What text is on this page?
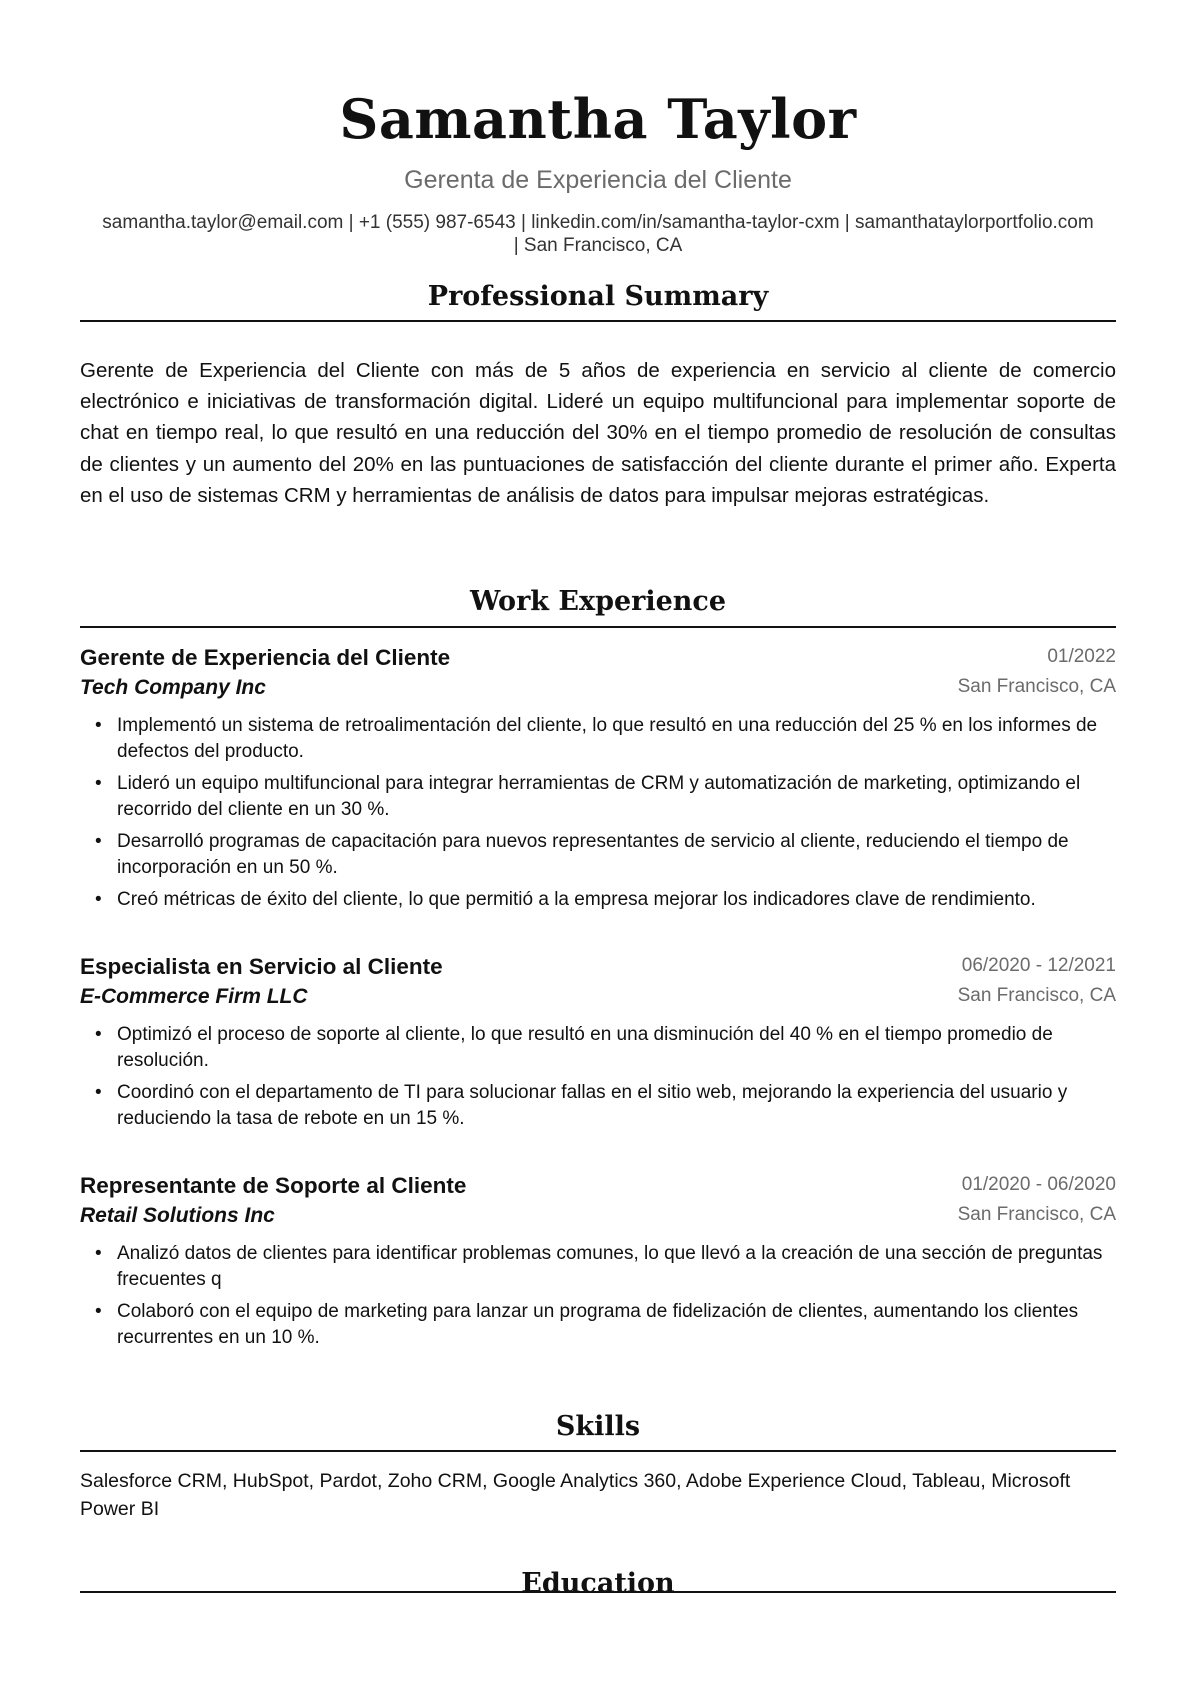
Samantha Taylor
Gerenta de Experiencia del Cliente
samantha.taylor@email.com | +1 (555) 987-6543 | linkedin.com/in/samantha-taylor-cxm | samanthataylorportfolio.com
| San Francisco, CA
Professional Summary
Gerente de Experiencia del Cliente con más de 5 años de experiencia en servicio al cliente de comercio electrónico e iniciativas de transformación digital. Lideré un equipo multifuncional para implementar soporte de chat en tiempo real, lo que resultó en una reducción del 30% en el tiempo promedio de resolución de consultas de clientes y un aumento del 20% en las puntuaciones de satisfacción del cliente durante el primer año. Experta en el uso de sistemas CRM y herramientas de análisis de datos para impulsar mejoras estratégicas.
Work Experience
Gerente de Experiencia del Cliente	01/2022
Tech Company Inc	San Francisco, CA
• Implementó un sistema de retroalimentación del cliente, lo que resultó en una reducción del 25 % en los informes de defectos del producto.
• Lideró un equipo multifuncional para integrar herramientas de CRM y automatización de marketing, optimizando el recorrido del cliente en un 30 %.
• Desarrolló programas de capacitación para nuevos representantes de servicio al cliente, reduciendo el tiempo de incorporación en un 50 %.
• Creó métricas de éxito del cliente, lo que permitió a la empresa mejorar los indicadores clave de rendimiento.
Especialista en Servicio al Cliente	06/2020 - 12/2021
E-Commerce Firm LLC	San Francisco, CA
• Optimizó el proceso de soporte al cliente, lo que resultó en una disminución del 40 % en el tiempo promedio de resolución.
• Coordinó con el departamento de TI para solucionar fallas en el sitio web, mejorando la experiencia del usuario y reduciendo la tasa de rebote en un 15 %.
Representante de Soporte al Cliente	01/2020 - 06/2020
Retail Solutions Inc	San Francisco, CA
• Analizó datos de clientes para identificar problemas comunes, lo que llevó a la creación de una sección de preguntas frecuentes q
• Colaboró con el equipo de marketing para lanzar un programa de fidelización de clientes, aumentando los clientes recurrentes en un 10 %.
Skills
Salesforce CRM, HubSpot, Pardot, Zoho CRM, Google Analytics 360, Adobe Experience Cloud, Tableau, Microsoft Power BI
Education
